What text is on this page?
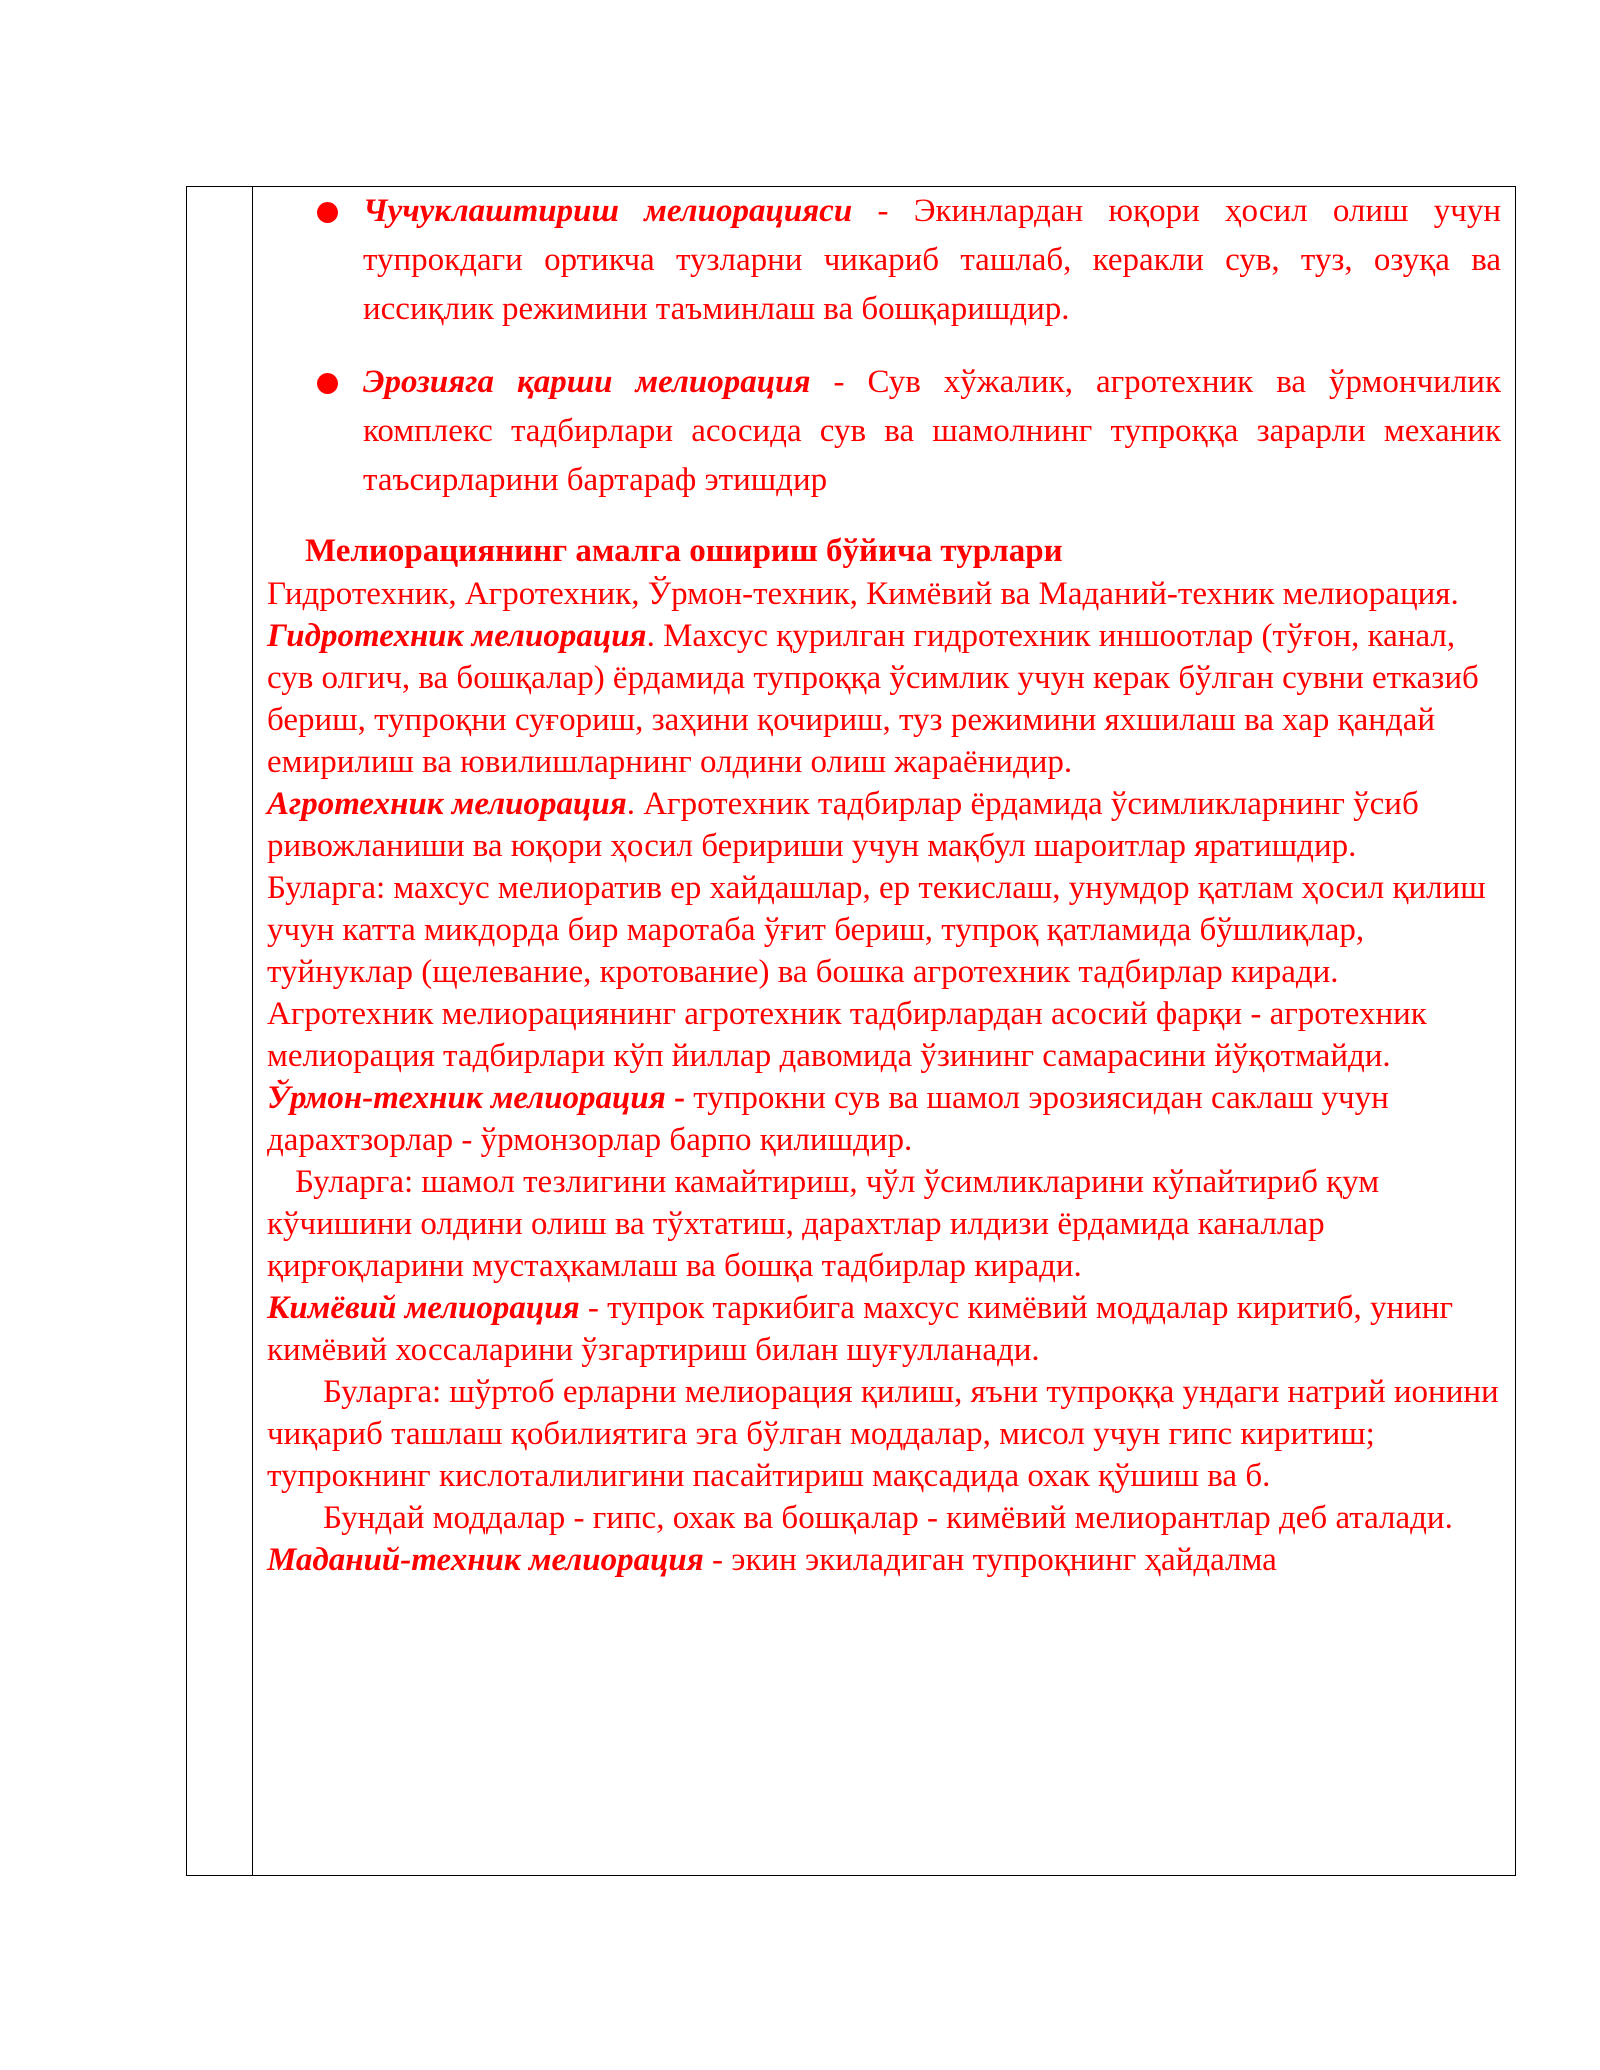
Чучуклаштириш мелиорацияси - Экинлардан юқори ҳосил олиш учун тупрокдаги ортикча тузларни чикариб ташлаб, кеpакли сув, туз, озуқа ва иссиқлик режимини таъминлаш ва бошқаришдир.
Эрозияга қарши мелиорация - Сув хўжалик, агротехник ва ўрмончилик комплекс тадбирлари асосида сув ва шамолнинг тупроққа зарарли механик таъсирларини бартараф этишдир
Мелиорациянинг амалга ошириш бўйича турлари
Гидротехник, Агротехник, Ўрмон-техник, Кимёвий ва Маданий-техник мелиорация.
Гидротехник мелиорация. Махсус қурилган гидротехник иншоотлар (тўғон, канал, сув олгич, ва бошқалар) ёрдамида тупроққа ўсимлик учун керак бўлган сувни етказиб бериш, тупроқни суғориш, заҳини қочириш, туз режимини яхшилаш ва хар қандай емирилиш ва ювилишларнинг олдини олиш жараёнидир.
Агротехник мелиорация. Агротехник тадбирлар ёрдамида ўсимликларнинг ўсиб ривожланиши ва юқори ҳосил беририши учун мақбул шароитлар яратишдир.
Буларга: махсус мелиоратив ер хайдашлар, ер текислаш, унумдор қатлам ҳосил қилиш учун катта микдорда бир маротаба ўғит бериш, тупроқ қатламида бўшлиқлар, туйнуклар (щелевание, кротование) ва бошка агротехник тадбирлар киради.
Агротехник мелиорациянинг агротехник тадбирлардан асосий фарқи - агротехник мелиорация тадбирлари кўп йиллар давомида ўзининг самарасини йўқотмайди.
Ўрмон-техник мелиорация - тупрокни сув ва шамол эрозиясидан саклаш учун дарахтзорлар - ўрмонзорлар барпо қилишдир.
Буларга: шамол тезлигини камайтириш, чўл ўсимликларини кўпайтириб қум кўчишини олдини олиш ва тўхтатиш, дарахтлар илдизи ёрдамида каналлар қирғоқларини мустаҳкамлаш ва бошқа тадбирлар киради.
Кимёвий мелиорация - тупрок таркибига махсус кимёвий моддалар киритиб, унинг кимёвий хоссаларини ўзгартириш билан шуғулланади.
Буларга: шўртоб ерларни мелиорация қилиш, яъни тупроққа ундаги натрий ионини чиқариб ташлаш қобилиятига эга бўлган моддалар, мисол учун гипс киритиш; тупрокнинг кислоталилигини пасайтириш мақсадида охак қўшиш ва б.
Бундай моддалар - гипс, охак ва бошқалар - кимёвий мелиорантлар деб аталади.
Маданий-техник мелиорация - экин экиладиган тупроқнинг ҳайдалма
